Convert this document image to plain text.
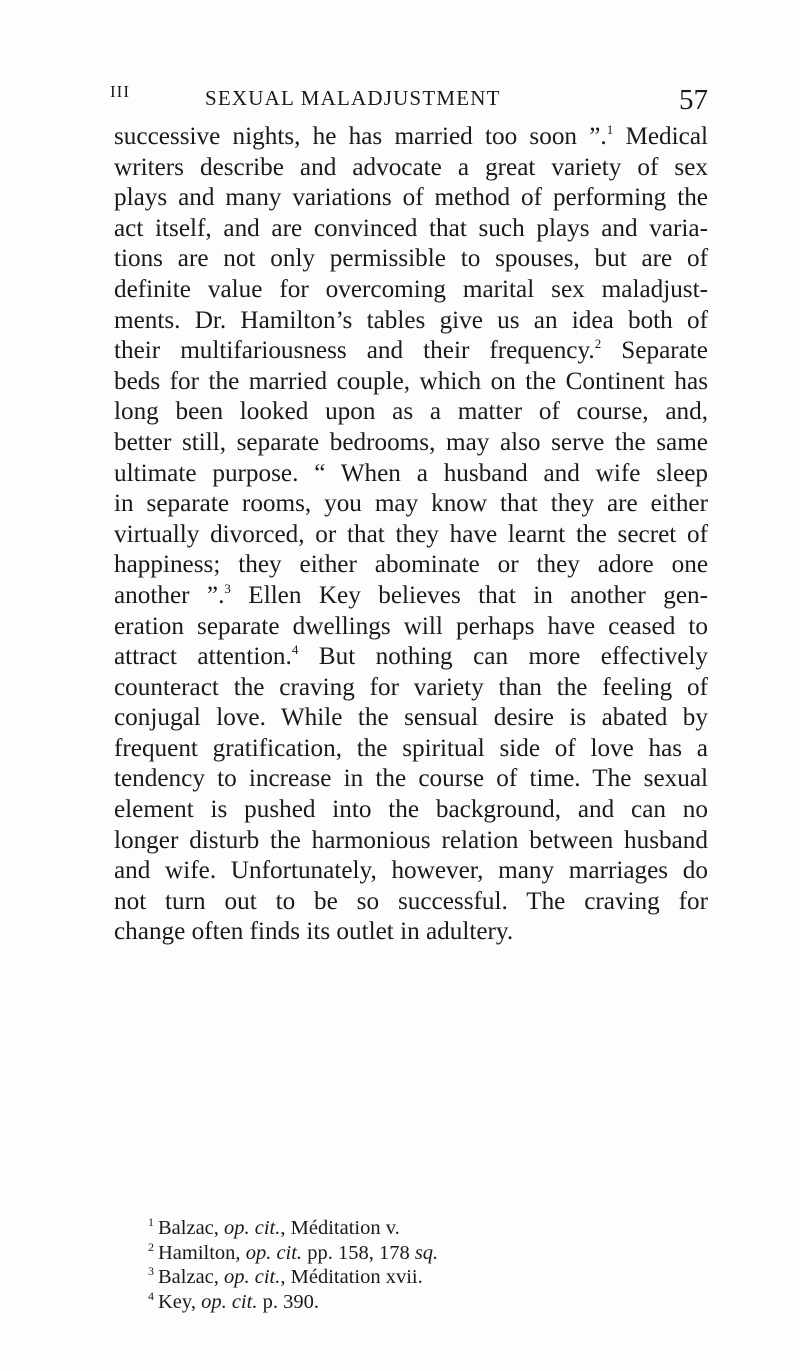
III	SEXUAL MALADJUSTMENT	57
successive nights, he has married too soon ”.$^1$ Medical
writers describe and advocate a great variety of sex
plays and many variations of method of performing the
act itself, and are convinced that such plays and varia-
tions are not only permissible to spouses, but are of
definite value for overcoming marital sex maladjust-
ments. Dr. Hamilton’s tables give us an idea both of
their multifariousness and their frequency.$^2$ Separate
beds for the married couple, which on the Continent has
long been looked upon as a matter of course, and,
better still, separate bedrooms, may also serve the same
ultimate purpose. “ When a husband and wife sleep
in separate rooms, you may know that they are either
virtually divorced, or that they have learnt the secret of
happiness; they either abominate or they adore one
another ”.$^3$ Ellen Key believes that in another gen-
eration separate dwellings will perhaps have ceased to
attract attention.$^4$ But nothing can more effectively
counteract the craving for variety than the feeling of
conjugal love. While the sensual desire is abated by
frequent gratification, the spiritual side of love has a
tendency to increase in the course of time. The sexual
element is pushed into the background, and can no
longer disturb the harmonious relation between husband
and wife. Unfortunately, however, many marriages do
not turn out to be so successful. The craving for
change often finds its outlet in adultery.
$^1$ Balzac, op. cit., Méditation v.
$^2$ Hamilton, op. cit. pp. 158, 178 sq.
$^3$ Balzac, op. cit., Méditation xvii.
$^4$ Key, op. cit. p. 390.
